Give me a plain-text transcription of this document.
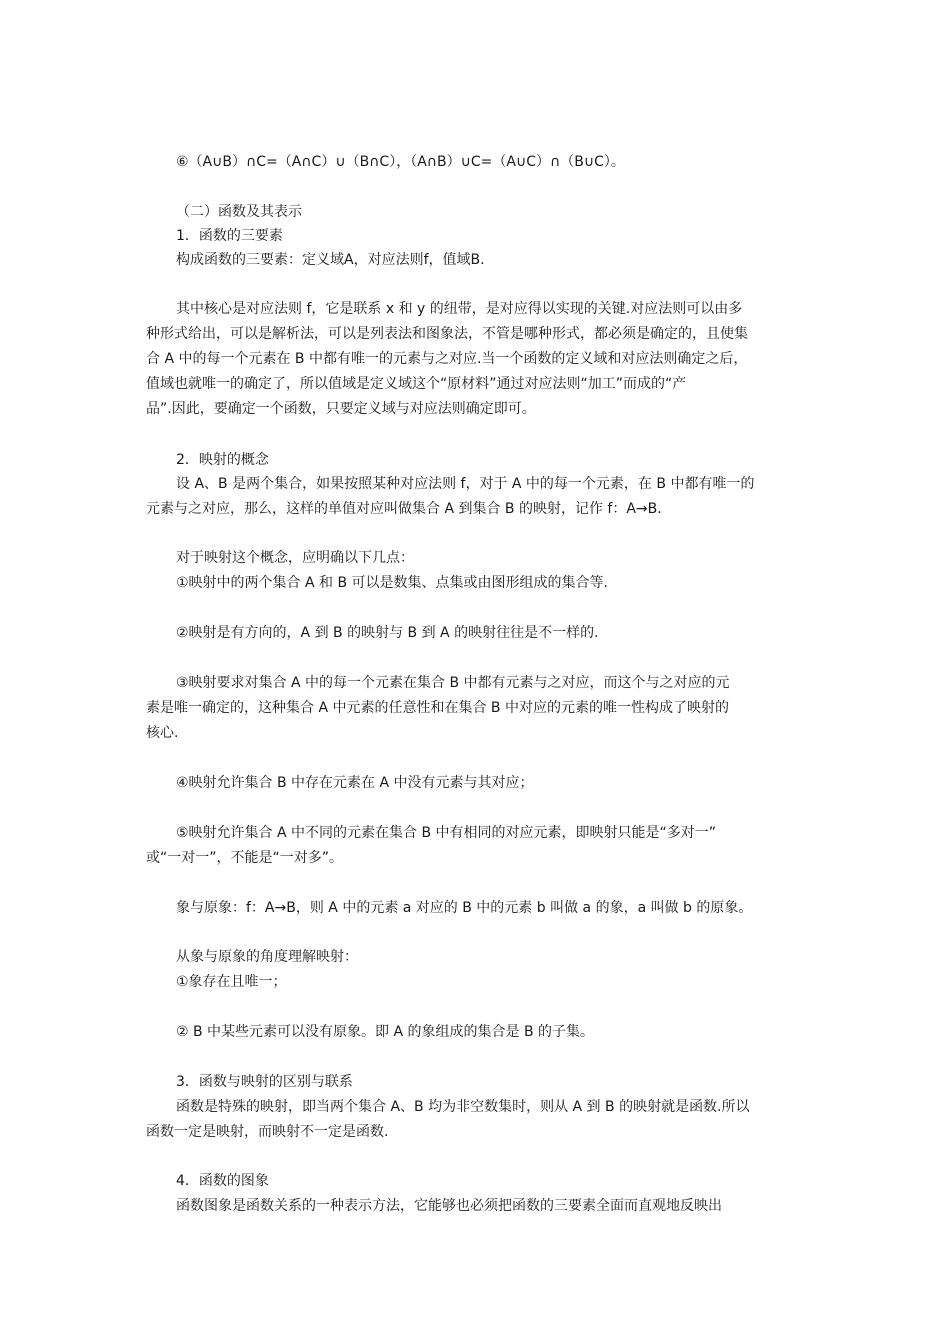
⑥（A∪B）∩C=（A∩C）∪（B∩C），（A∩B）∪C=（A∪C）∩（B∪C）。
（二）函数及其表示
1．函数的三要素
构成函数的三要素：定义域A，对应法则f，值域B.
其中核心是对应法则 f，它是联系 x 和 y 的纽带，是对应得以实现的关键.对应法则可以由多
种形式给出，可以是解析法，可以是列表法和图象法，不管是哪种形式，都必须是确定的，且使集
合 A 中的每一个元素在 B 中都有唯一的元素与之对应.当一个函数的定义域和对应法则确定之后，
值域也就唯一的确定了，所以值域是定义域这个“原材料”通过对应法则“加工”而成的“产
品”.因此，要确定一个函数，只要定义域与对应法则确定即可。
2．映射的概念
设 A、B 是两个集合，如果按照某种对应法则 f，对于 A 中的每一个元素，在 B 中都有唯一的
元素与之对应，那么，这样的单值对应叫做集合 A 到集合 B 的映射，记作 f：A→B.
对于映射这个概念，应明确以下几点：
①映射中的两个集合 A 和 B 可以是数集、点集或由图形组成的集合等.
②映射是有方向的，A 到 B 的映射与 B 到 A 的映射往往是不一样的.
③映射要求对集合 A 中的每一个元素在集合 B 中都有元素与之对应，而这个与之对应的元
素是唯一确定的，这种集合 A 中元素的任意性和在集合 B 中对应的元素的唯一性构成了映射的
核心.
④映射允许集合 B 中存在元素在 A 中没有元素与其对应；
⑤映射允许集合 A 中不同的元素在集合 B 中有相同的对应元素，即映射只能是“多对一”
或“一对一”，不能是“一对多”。
象与原象：f：A→B，则 A 中的元素 a 对应的 B 中的元素 b 叫做 a 的象，a 叫做 b 的原象。
从象与原象的角度理解映射：
①象存在且唯一；
② B 中某些元素可以没有原象。即 A 的象组成的集合是 B 的子集。
3．函数与映射的区别与联系
函数是特殊的映射，即当两个集合 A、B 均为非空数集时，则从 A 到 B 的映射就是函数.所以
函数一定是映射，而映射不一定是函数.
4．函数的图象
函数图象是函数关系的一种表示方法，它能够也必须把函数的三要素全面而直观地反映出
